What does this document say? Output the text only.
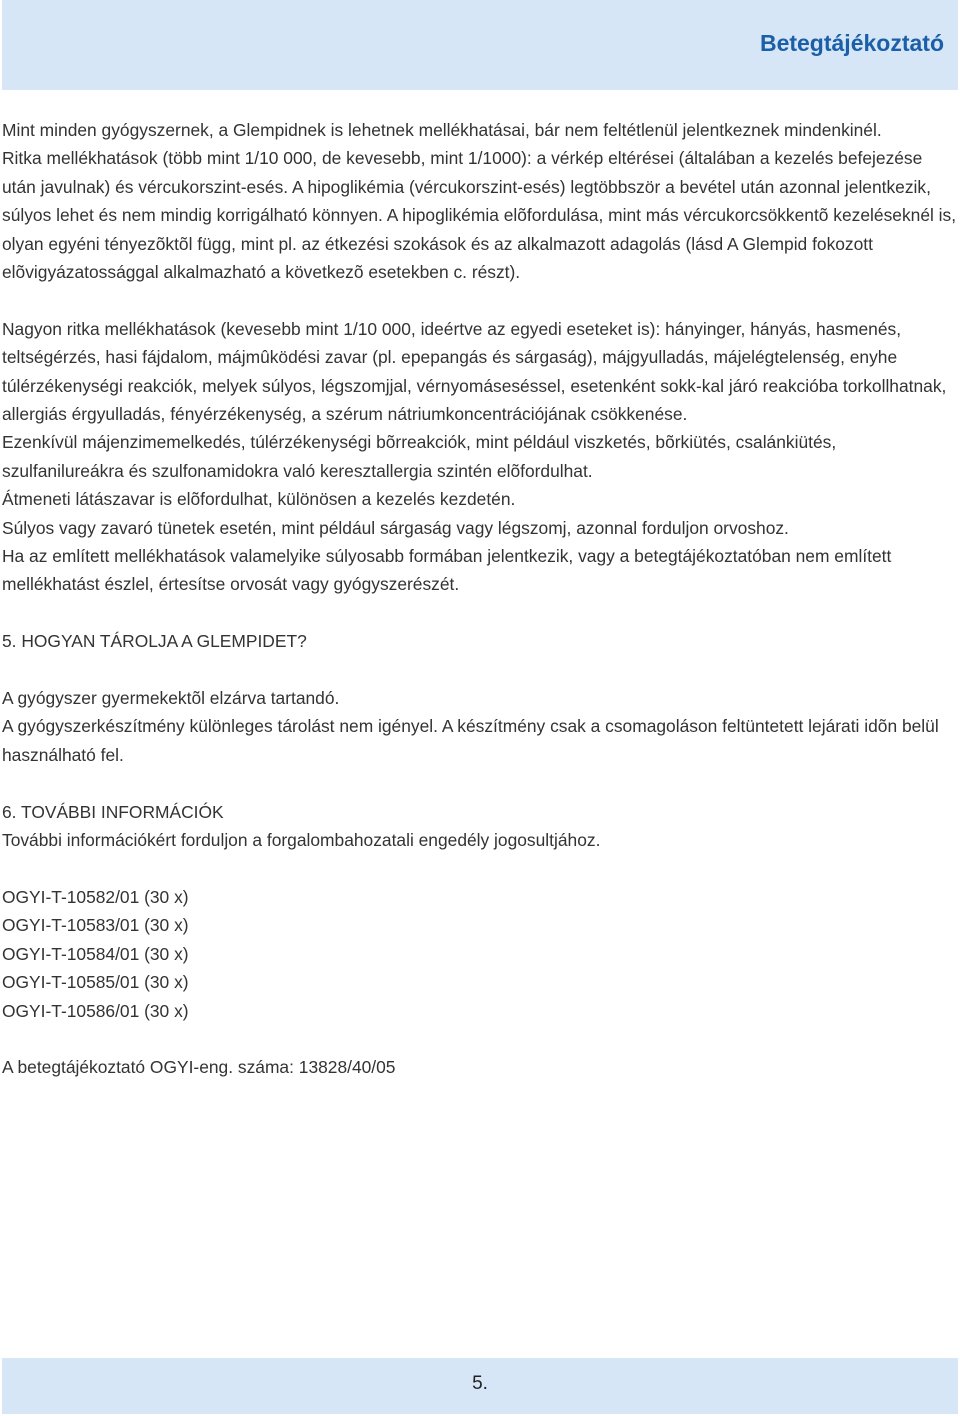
Betegtájékoztató

Mint minden gyógyszernek, a Glempidnek is lehetnek mellékhatásai, bár nem feltétlenül jelentkeznek mindenkinél.

Ritka mellékhatások (több mint 1/10 000, de kevesebb, mint 1/1000): a vérkép eltérései (általában a kezelés befejezése után javulnak) és vércukorszint-esés. A hipoglikémia (vércukorszint-esés) legtöbbször a bevétel után azonnal jelentkezik, súlyos lehet és nem mindig korrigálható könnyen. A hipoglikémia elõfordulása, mint más vércukorcsökkentõ kezeléseknél is, olyan egyéni tényezõktõl függ, mint pl. az étkezési szokások és az alkalmazott adagolás (lásd A Glempid fokozott elõvigyázatossággal alkalmazható a következõ esetekben c. részt).

Nagyon ritka mellékhatások (kevesebb mint 1/10 000, ideértve az egyedi eseteket is): hányinger, hányás, hasmenés, teltségérzés, hasi fájdalom, májmûködési zavar (pl. epepangás és sárgaság), májgyulladás, májelégtelenség, enyhe túlérzékenységi reakciók, melyek súlyos, légszomjjal, vérnyomáseséssel, esetenként sokk-kal járó reakcióba torkollhatnak, allergiás érgyulladás, fényérzékenység, a szérum nátriumkoncentrációjának csökkenése.

Ezenkívül májenzimemelkedés, túlérzékenységi bõrreakciók, mint például viszketés, bõrkiütés, csalánkiütés, szulfanilureákra és szulfonamidokra való keresztallergia szintén elõfordulhat.

Átmeneti látászavar is elõfordulhat, különösen a kezelés kezdetén.

Súlyos vagy zavaró tünetek esetén, mint például sárgaság vagy légszomj, azonnal forduljon orvoshoz.

Ha az említett mellékhatások valamelyike súlyosabb formában jelentkezik, vagy a betegtájékoztatóban nem említett mellékhatást észlel, értesítse orvosát vagy gyógyszerészét.

5. HOGYAN TÁROLJA A GLEMPIDET?

A gyógyszer gyermekektõl elzárva tartandó.

A gyógyszerkészítmény különleges tárolást nem igényel. A készítmény csak a csomagoláson feltüntetett lejárati idõn belül használható fel.

6. TOVÁBBI INFORMÁCIÓK

További információkért forduljon a forgalombahozatali engedély jogosultjához.

OGYI-T-10582/01 (30 x)

OGYI-T-10583/01 (30 x)

OGYI-T-10584/01 (30 x)

OGYI-T-10585/01 (30 x)

OGYI-T-10586/01 (30 x)

A betegtájékoztató OGYI-eng. száma: 13828/40/05

5.
